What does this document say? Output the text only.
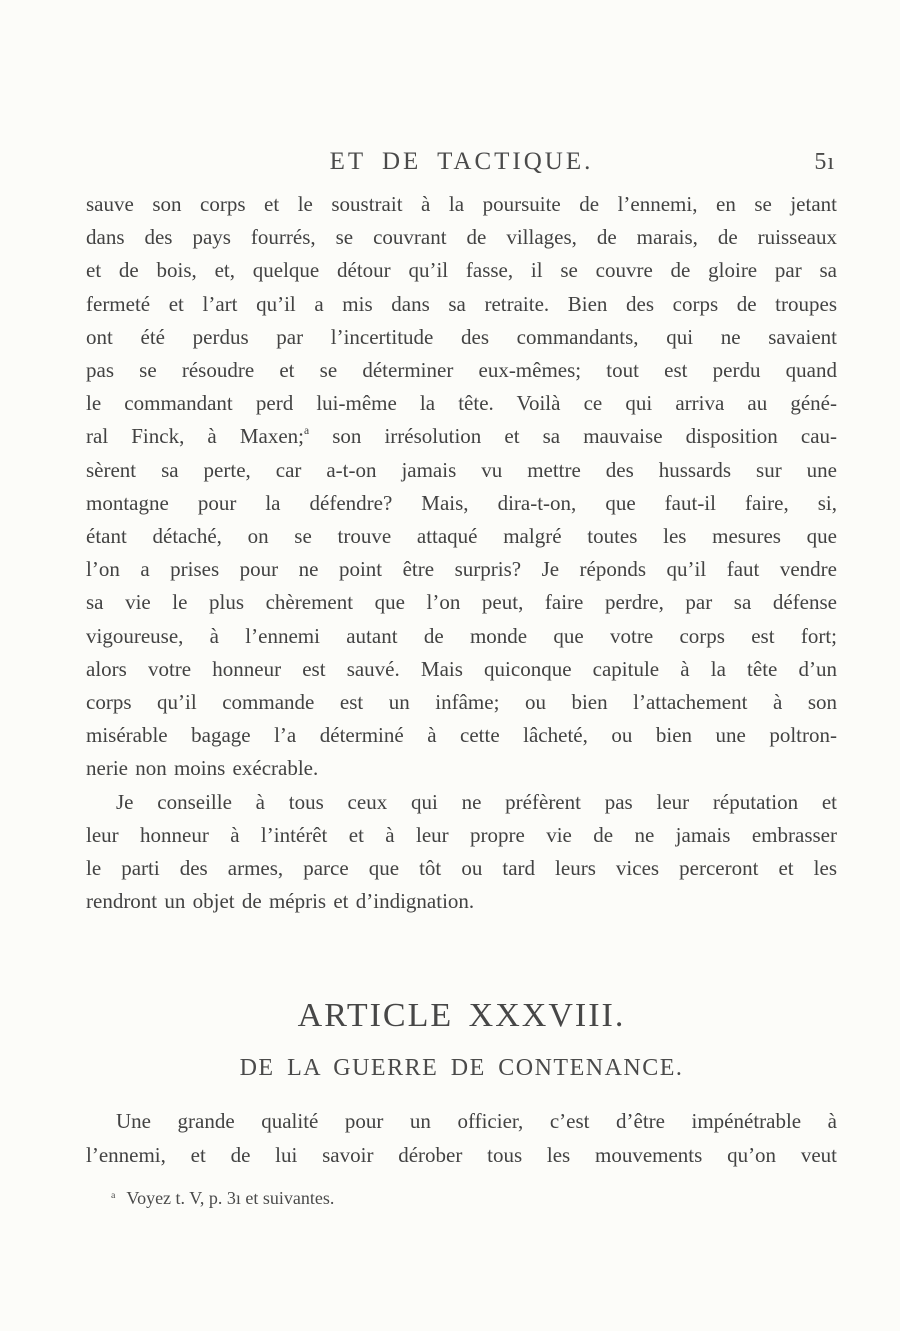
ET DE TACTIQUE.	5ı
sauve son corps et le soustrait à la poursuite de l’ennemi, en se jetant
dans des pays fourrés, se couvrant de villages, de marais, de ruisseaux
et de bois, et, quelque détour qu’il fasse, il se couvre de gloire par sa
fermeté et l’art qu’il a mis dans sa retraite. Bien des corps de troupes
ont été perdus par l’incertitude des commandants, qui ne savaient
pas se résoudre et se déterminer eux-mêmes; tout est perdu quand
le commandant perd lui-même la tête. Voilà ce qui arriva au géné-
ral Finck, à Maxen;$^a$ son irrésolution et sa mauvaise disposition cau-
sèrent sa perte, car a-t-on jamais vu mettre des hussards sur une
montagne pour la défendre? Mais, dira-t-on, que faut-il faire, si,
étant détaché, on se trouve attaqué malgré toutes les mesures que
l’on a prises pour ne point être surpris? Je réponds qu’il faut vendre
sa vie le plus chèrement que l’on peut, faire perdre, par sa défense
vigoureuse, à l’ennemi autant de monde que votre corps est fort;
alors votre honneur est sauvé. Mais quiconque capitule à la tête d’un
corps qu’il commande est un infâme; ou bien l’attachement à son
misérable bagage l’a déterminé à cette lâcheté, ou bien une poltron-
nerie non moins exécrable.
Je conseille à tous ceux qui ne préfèrent pas leur réputation et
leur honneur à l’intérêt et à leur propre vie de ne jamais embrasser
le parti des armes, parce que tôt ou tard leurs vices perceront et les
rendront un objet de mépris et d’indignation.
ARTICLE XXXVIII.
DE LA GUERRE DE CONTENANCE.
Une grande qualité pour un officier, c’est d’être impénétrable à
l’ennemi, et de lui savoir dérober tous les mouvements qu’on veut
$^a$ Voyez t. V, p. 3ı et suivantes.
